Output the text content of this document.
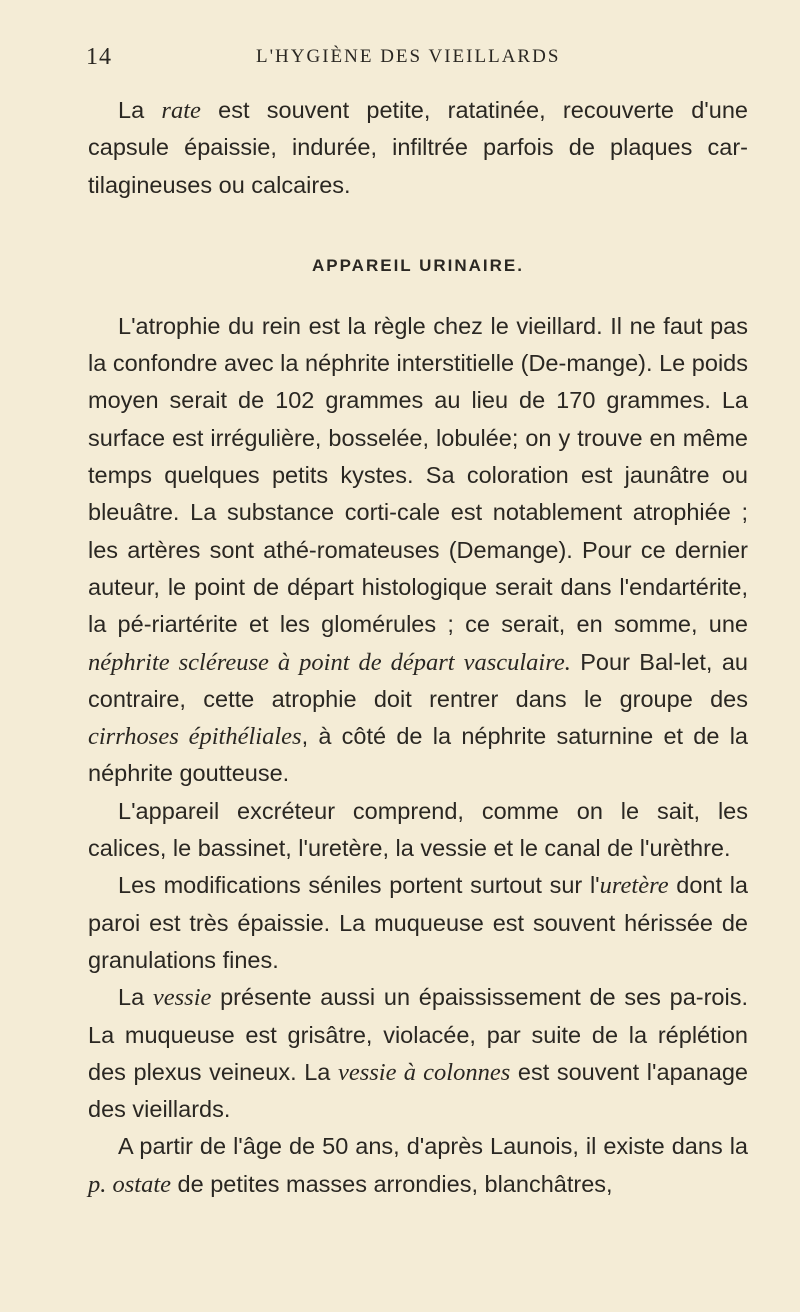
14	L'HYGIÈNE DES VIEILLARDS

La rate est souvent petite, ratatinée, recouverte d'une capsule épaissie, indurée, infiltrée parfois de plaques car-tilagineuses ou calcaires.

APPAREIL URINAIRE.

L'atrophie du rein est la règle chez le vieillard. Il ne faut pas la confondre avec la néphrite interstitielle (De-mange). Le poids moyen serait de 102 grammes au lieu de 170 grammes. La surface est irrégulière, bosselée, lobulée; on y trouve en même temps quelques petits kystes. Sa coloration est jaunâtre ou bleuâtre. La substance corti-cale est notablement atrophiée ; les artères sont athé-romateuses (Demange). Pour ce dernier auteur, le point de départ histologique serait dans l'endartérite, la pé-riartérite et les glomérules ; ce serait, en somme, une néphrite scléreuse à point de départ vasculaire. Pour Bal-let, au contraire, cette atrophie doit rentrer dans le groupe des cirrhoses épithéliales, à côté de la néphrite saturnine et de la néphrite goutteuse.

L'appareil excréteur comprend, comme on le sait, les calices, le bassinet, l'uretère, la vessie et le canal de l'urèthre.

Les modifications séniles portent surtout sur l'uretère dont la paroi est très épaissie. La muqueuse est souvent hérissée de granulations fines.

La vessie présente aussi un épaississement de ses pa-rois. La muqueuse est grisâtre, violacée, par suite de la réplétion des plexus veineux. La vessie à colonnes est souvent l'apanage des vieillards.

A partir de l'âge de 50 ans, d'après Launois, il existe dans la p. ostate de petites masses arrondies, blanchâtres,
